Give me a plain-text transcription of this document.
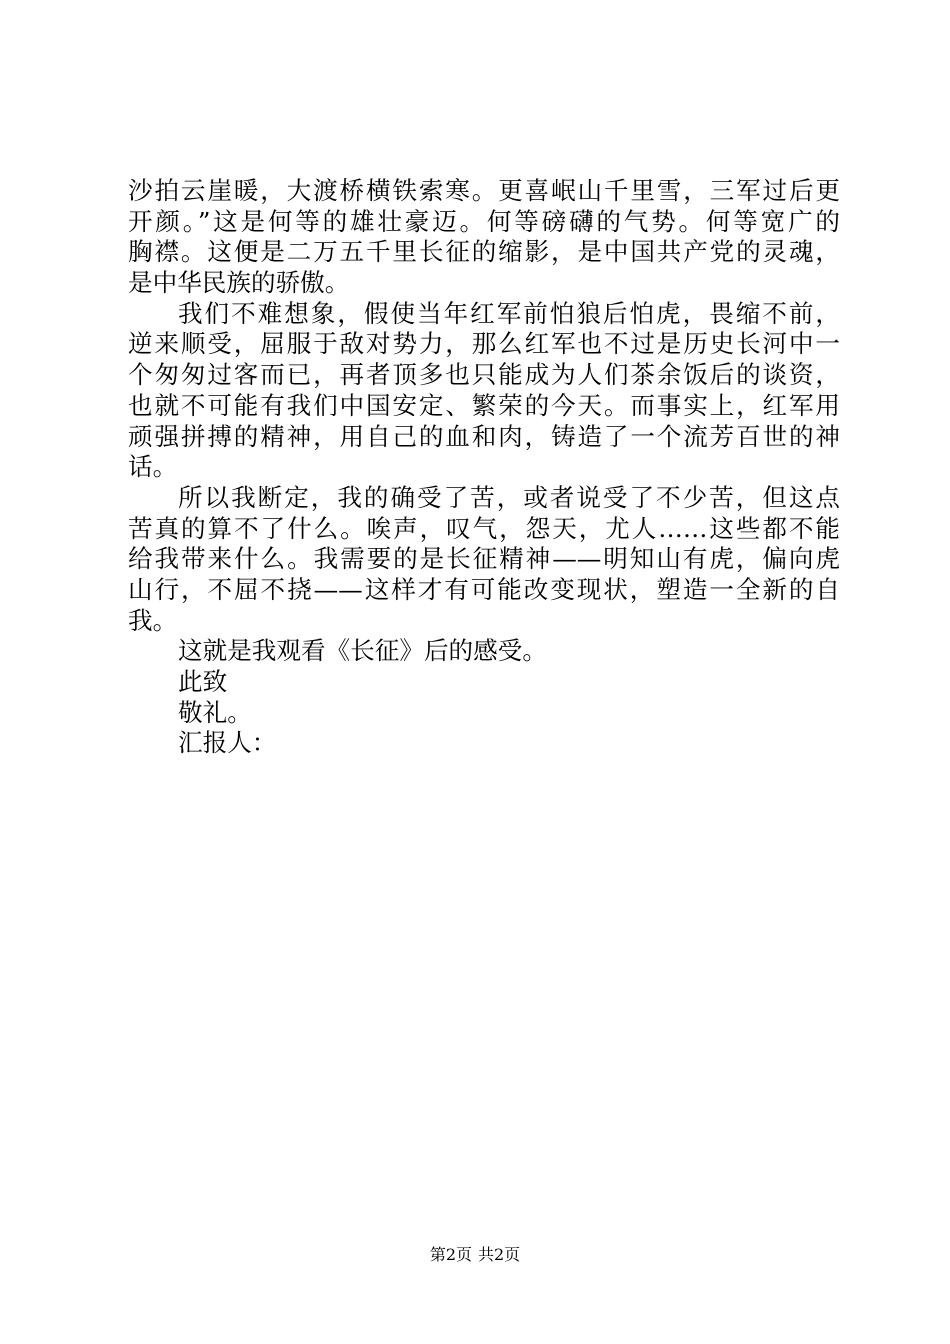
沙拍云崖暖，大渡桥横铁索寒。更喜岷山千里雪，三军过后更
开颜。”这是何等的雄壮豪迈。何等磅礴的气势。何等宽广的
胸襟。这便是二万五千里长征的缩影，是中国共产党的灵魂，
是中华民族的骄傲。
我们不难想象，假使当年红军前怕狼后怕虎，畏缩不前，
逆来顺受，屈服于敌对势力，那么红军也不过是历史长河中一
个匆匆过客而已，再者顶多也只能成为人们茶余饭后的谈资，
也就不可能有我们中国安定、繁荣的今天。而事实上，红军用
顽强拼搏的精神，用自己的血和肉，铸造了一个流芳百世的神
话。
所以我断定，我的确受了苦，或者说受了不少苦，但这点
苦真的算不了什么。唉声，叹气，怨天，尤人……这些都不能
给我带来什么。我需要的是长征精神——明知山有虎，偏向虎
山行，不屈不挠——这样才有可能改变现状，塑造一全新的自
我。
这就是我观看《长征》后的感受。
此致
敬礼。
汇报人：
第2页 共2页
